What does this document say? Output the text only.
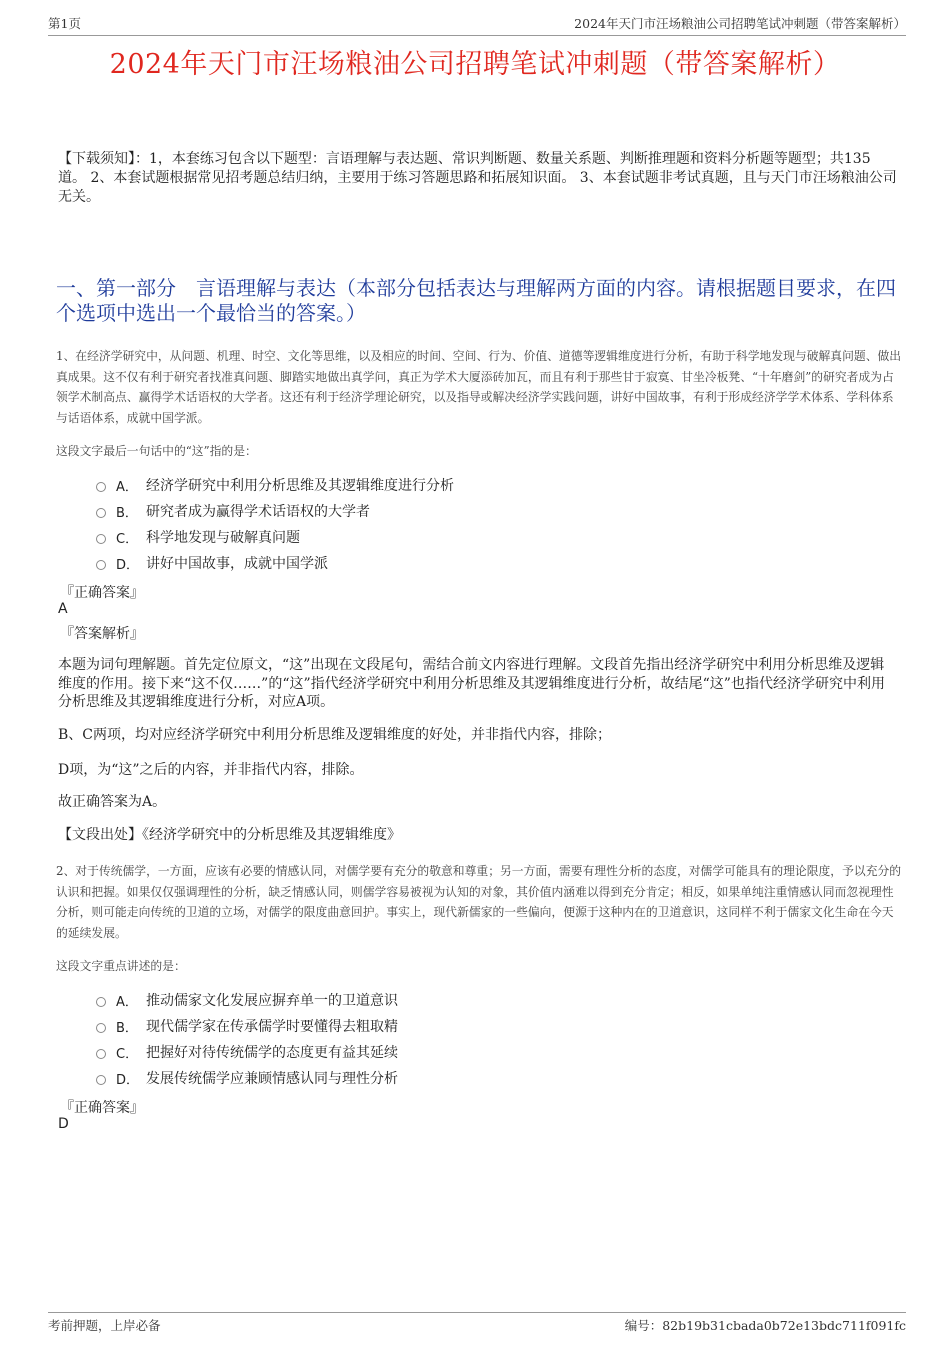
第1页	2024年天门市汪场粮油公司招聘笔试冲刺题（带答案解析）
2024年天门市汪场粮油公司招聘笔试冲刺题（带答案解析）
【下载须知】：1，本套练习包含以下题型：言语理解与表达题、常识判断题、数量关系题、判断推理题和资料分析题等题型；共135道。 2、本套试题根据常见招考题总结归纳，主要用于练习答题思路和拓展知识面。 3、本套试题非考试真题，且与天门市汪场粮油公司无关。
一、第一部分　言语理解与表达（本部分包括表达与理解两方面的内容。请根据题目要求，在四个选项中选出一个最恰当的答案。）
1、在经济学研究中，从问题、机理、时空、文化等思维，以及相应的时间、空间、行为、价值、道德等逻辑维度进行分析，有助于科学地发现与破解真问题、做出真成果。这不仅有利于研究者找准真问题、脚踏实地做出真学问，真正为学术大厦添砖加瓦，而且有利于那些甘于寂寞、甘坐冷板凳、“十年磨剑”的研究者成为占领学术制高点、赢得学术话语权的大学者。这还有利于经济学理论研究，以及指导或解决经济学实践问题，讲好中国故事，有利于形成经济学学术体系、学科体系与话语体系，成就中国学派。
这段文字最后一句话中的“这”指的是：
A． 经济学研究中利用分析思维及其逻辑维度进行分析
B． 研究者成为赢得学术话语权的大学者
C． 科学地发现与破解真问题
D． 讲好中国故事，成就中国学派
『正确答案』
A
『答案解析』
本题为词句理解题。首先定位原文，“这”出现在文段尾句，需结合前文内容进行理解。文段首先指出经济学研究中利用分析思维及逻辑维度的作用。接下来“这不仅……”的“这”指代经济学研究中利用分析思维及其逻辑维度进行分析，故结尾“这”也指代经济学研究中利用分析思维及其逻辑维度进行分析，对应A项。
B、C两项，均对应经济学研究中利用分析思维及逻辑维度的好处，并非指代内容，排除；
D项，为“这”之后的内容，并非指代内容，排除。
故正确答案为A。
【文段出处】《经济学研究中的分析思维及其逻辑维度》
2、对于传统儒学，一方面，应该有必要的情感认同，对儒学要有充分的敬意和尊重；另一方面，需要有理性分析的态度，对儒学可能具有的理论限度，予以充分的认识和把握。如果仅仅强调理性的分析，缺乏情感认同，则儒学容易被视为认知的对象，其价值内涵难以得到充分肯定；相反，如果单纯注重情感认同而忽视理性分析，则可能走向传统的卫道的立场，对儒学的限度曲意回护。事实上，现代新儒家的一些偏向，便源于这种内在的卫道意识，这同样不利于儒家文化生命在今天的延续发展。
这段文字重点讲述的是：
A． 推动儒家文化发展应摒弃单一的卫道意识
B． 现代儒学家在传承儒学时要懂得去粗取精
C． 把握好对待传统儒学的态度更有益其延续
D． 发展传统儒学应兼顾情感认同与理性分析
『正确答案』
D
考前押题，上岸必备	编号：82b19b31cbada0b72e13bdc711f091fc
